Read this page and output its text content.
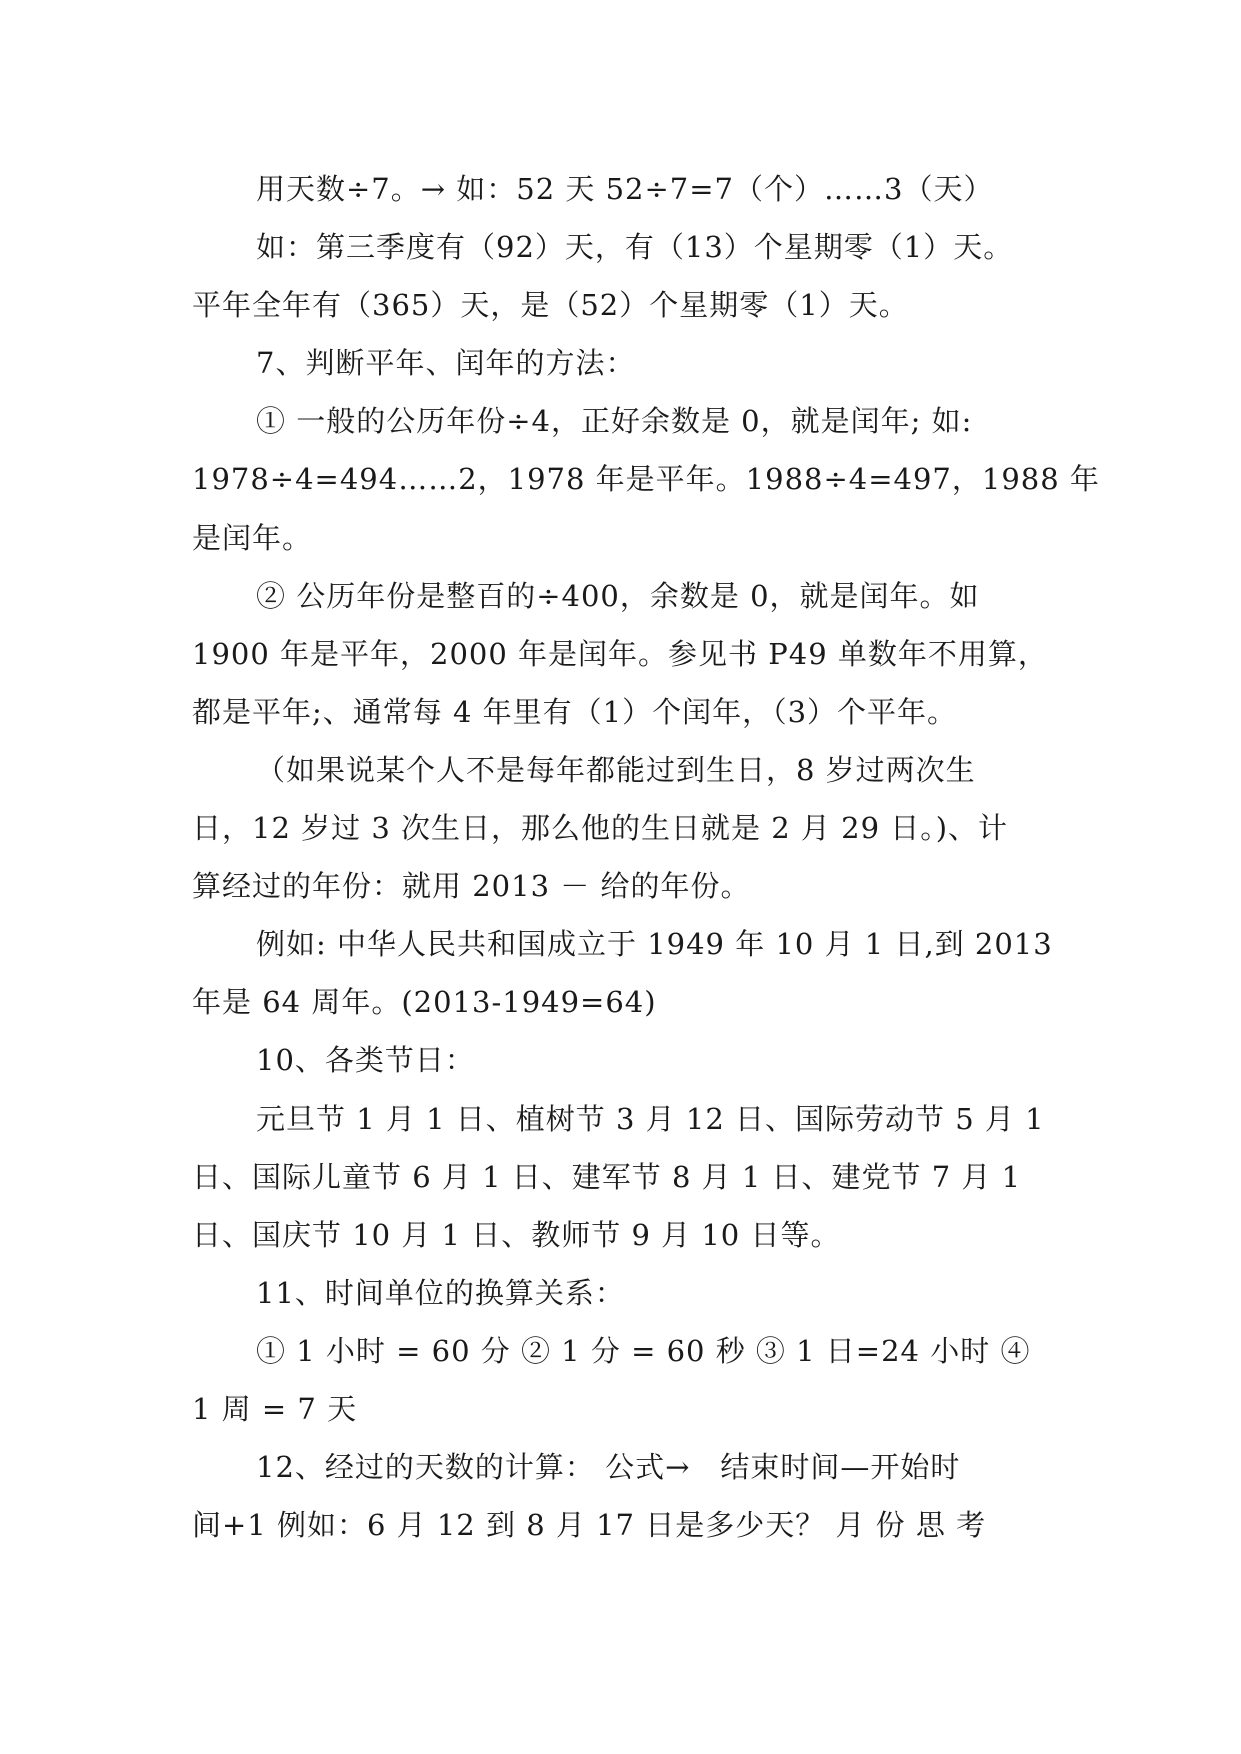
用天数÷7。→ 如：52 天 52÷7=7（个）……3（天）
如：第三季度有（92）天，有（13）个星期零（1）天。
平年全年有（365）天，是（52）个星期零（1）天。
7、判断平年、闰年的方法：
① 一般的公历年份÷4，正好余数是 0，就是闰年; 如:
1978÷4=494……2，1978 年是平年。1988÷4=497，1988 年
是闰年。
② 公历年份是整百的÷400，余数是 0，就是闰年。如
1900 年是平年，2000 年是闰年。参见书 P49 单数年不用算，
都是平年;、通常每 4 年里有（1）个闰年，（3）个平年。
（如果说某个人不是每年都能过到生日，8 岁过两次生
日，12 岁过 3 次生日，那么他的生日就是 2 月 29 日。)、计
算经过的年份：就用 2013 － 给的年份。
例如: 中华人民共和国成立于 1949 年 10 月 1 日,到 2013
年是 64 周年。(2013-1949=64)
10、各类节日：
元旦节 1 月 1 日、植树节 3 月 12 日、国际劳动节 5 月 1
日、国际儿童节 6 月 1 日、建军节 8 月 1 日、建党节 7 月 1
日、国庆节 10 月 1 日、教师节 9 月 10 日等。
11、时间单位的换算关系：
① 1 小时 = 60 分 ② 1 分 = 60 秒 ③ 1 日=24 小时 ④
1 周 = 7 天
12、经过的天数的计算： 公式→　结束时间—开始时
间+1 例如：6 月 12 到 8 月 17 日是多少天？ 月 份 思 考
